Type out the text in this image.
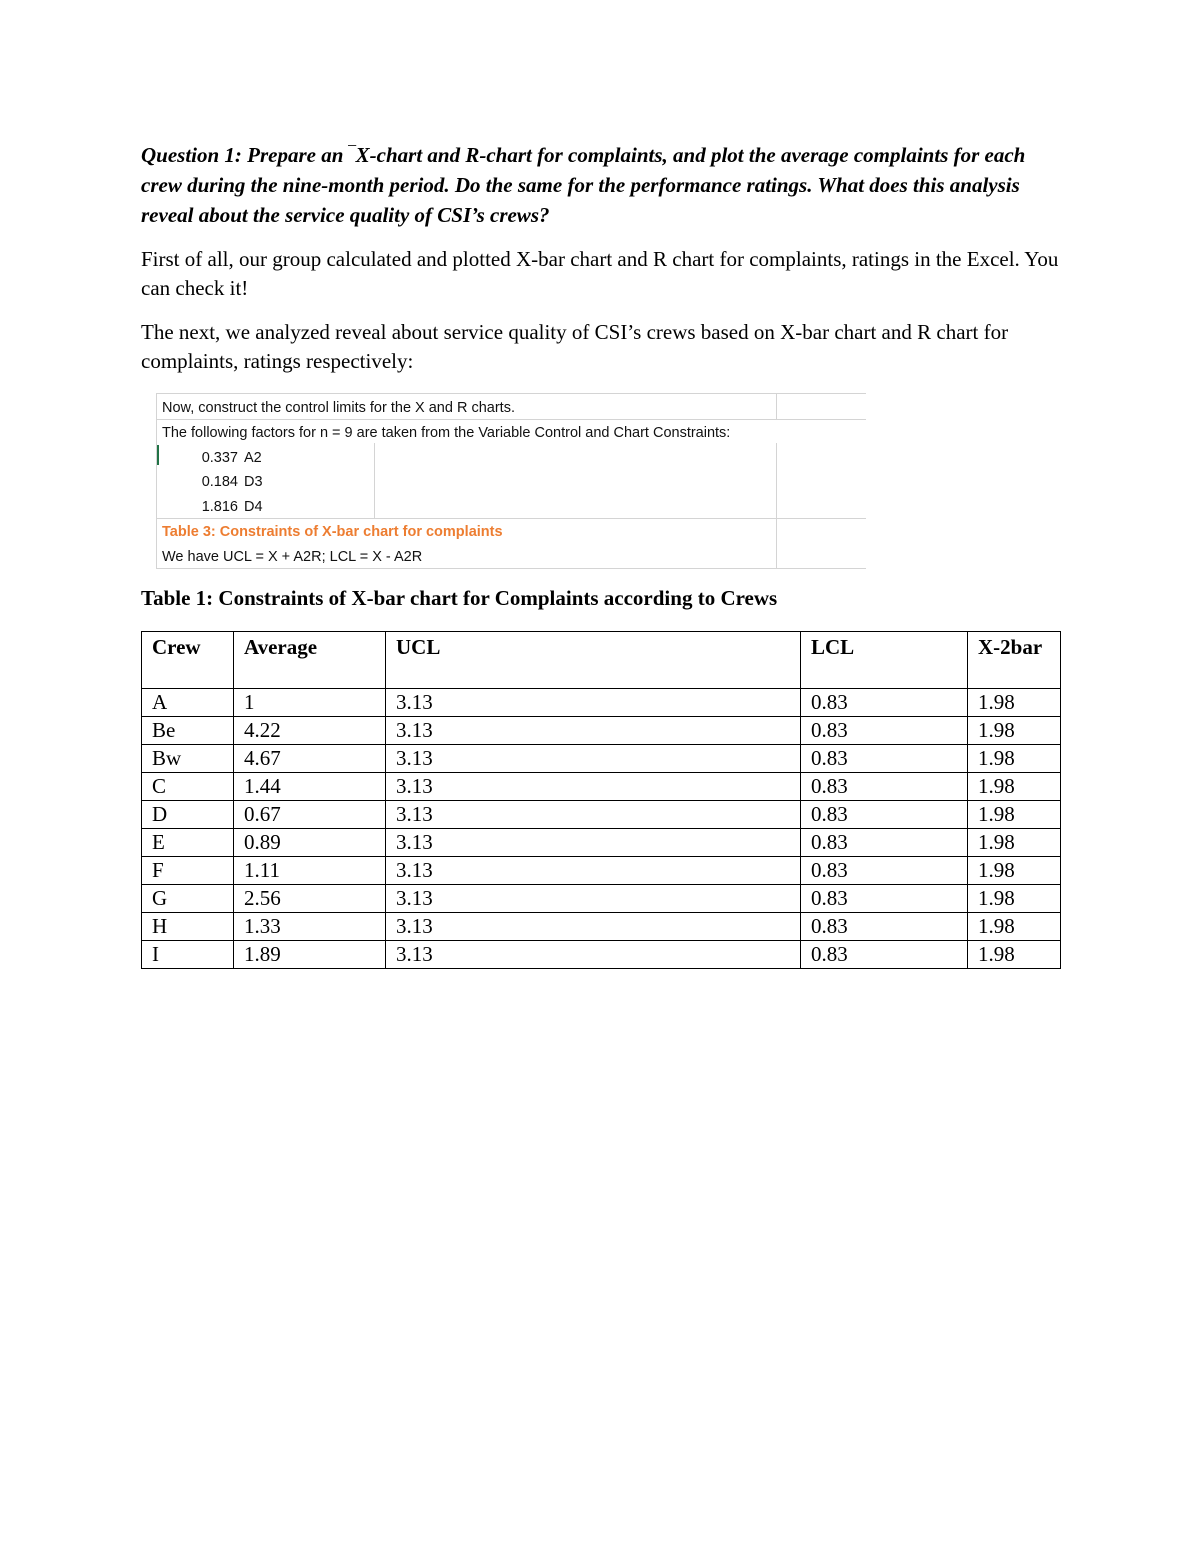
Question 1: Prepare an ‾X-chart and R-chart for complaints, and plot the average complaints for each crew during the nine-month period. Do the same for the performance ratings. What does this analysis reveal about the service quality of CSI’s crews?

First of all, our group calculated and plotted X-bar chart and R chart for complaints, ratings in the Excel. You can check it!

The next, we analyzed reveal about service quality of CSI’s crews based on X-bar chart and R chart for complaints, ratings respectively:

Now, construct the control limits for the X and R charts.
The following factors for n = 9 are taken from the Variable Control and Chart Constraints:
0.337 A2
0.184 D3
1.816 D4
Table 3: Constraints of X-bar chart for complaints
We have UCL = X + A2R; LCL = X - A2R

Table 1: Constraints of X-bar chart for Complaints according to Crews

Crew	Average	UCL	LCL	X-2bar
A	1	3.13	0.83	1.98
Be	4.22	3.13	0.83	1.98
Bw	4.67	3.13	0.83	1.98
C	1.44	3.13	0.83	1.98
D	0.67	3.13	0.83	1.98
E	0.89	3.13	0.83	1.98
F	1.11	3.13	0.83	1.98
G	2.56	3.13	0.83	1.98
H	1.33	3.13	0.83	1.98
I	1.89	3.13	0.83	1.98
